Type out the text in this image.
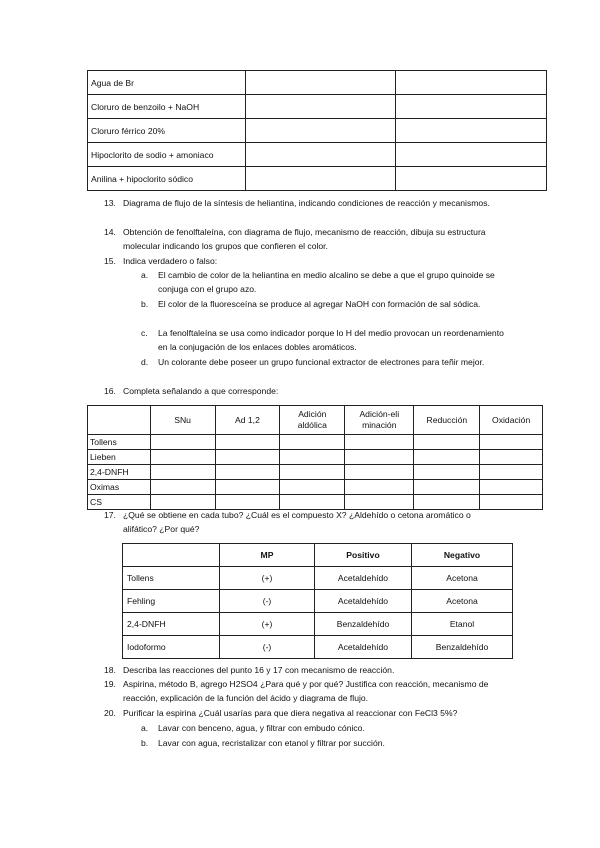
Agua de Br		
Cloruro de benzoilo + NaOH		
Cloruro férrico 20%		
Hipoclorito de sodio + amoniaco		
Anilina + hipoclorito sódico		
13. Diagrama de flujo de la síntesis de heliantina, indicando condiciones de reacción y mecanismos.
14. Obtención de fenolftaleína, con diagrama de flujo, mecanismo de reacción, dibuja su estructura molecular indicando los grupos que confieren el color.
15. Indica verdadero o falso:
a. El cambio de color de la heliantina en medio alcalino se debe a que el grupo quinoide se conjuga con el grupo azo.
b. El color de la fluoresceína se produce al agregar NaOH con formación de sal sódica.
c. La fenolftaleína se usa como indicador porque lo H del medio provocan un reordenamiento en la conjugación de los enlaces dobles aromáticos.
d. Un colorante debe poseer un grupo funcional extractor de electrones para teñir mejor.
16. Completa señalando a que corresponde:
	SNu	Ad 1,2	Adición aldólica	Adición-eli minación	Reducción	Oxidación
Tollens						
Lieben						
2,4-DNFH						
Oximas						
CS						
17. ¿Qué se obtiene en cada tubo? ¿Cuál es el compuesto X? ¿Aldehído o cetona aromático o alifático? ¿Por qué?
	MP	Positivo	Negativo
Tollens	(+)	Acetaldehído	Acetona
Fehling	(-)	Acetaldehído	Acetona
2,4-DNFH	(+)	Benzaldehído	Etanol
Iodoformo	(-)	Acetaldehído	Benzaldehído
18. Describa las reacciones del punto 16 y 17 con mecanismo de reacción.
19. Aspirina, método B, agrego H2SO4 ¿Para qué y por qué? Justifica con reacción, mecanismo de reacción, explicación de la función del ácido y diagrama de flujo.
20. Purificar la espirina ¿Cuál usarías para que diera negativa al reaccionar con FeCl3 5%?
a. Lavar con benceno, agua, y filtrar con embudo cónico.
b. Lavar con agua, recristalizar con etanol y filtrar por succión.
